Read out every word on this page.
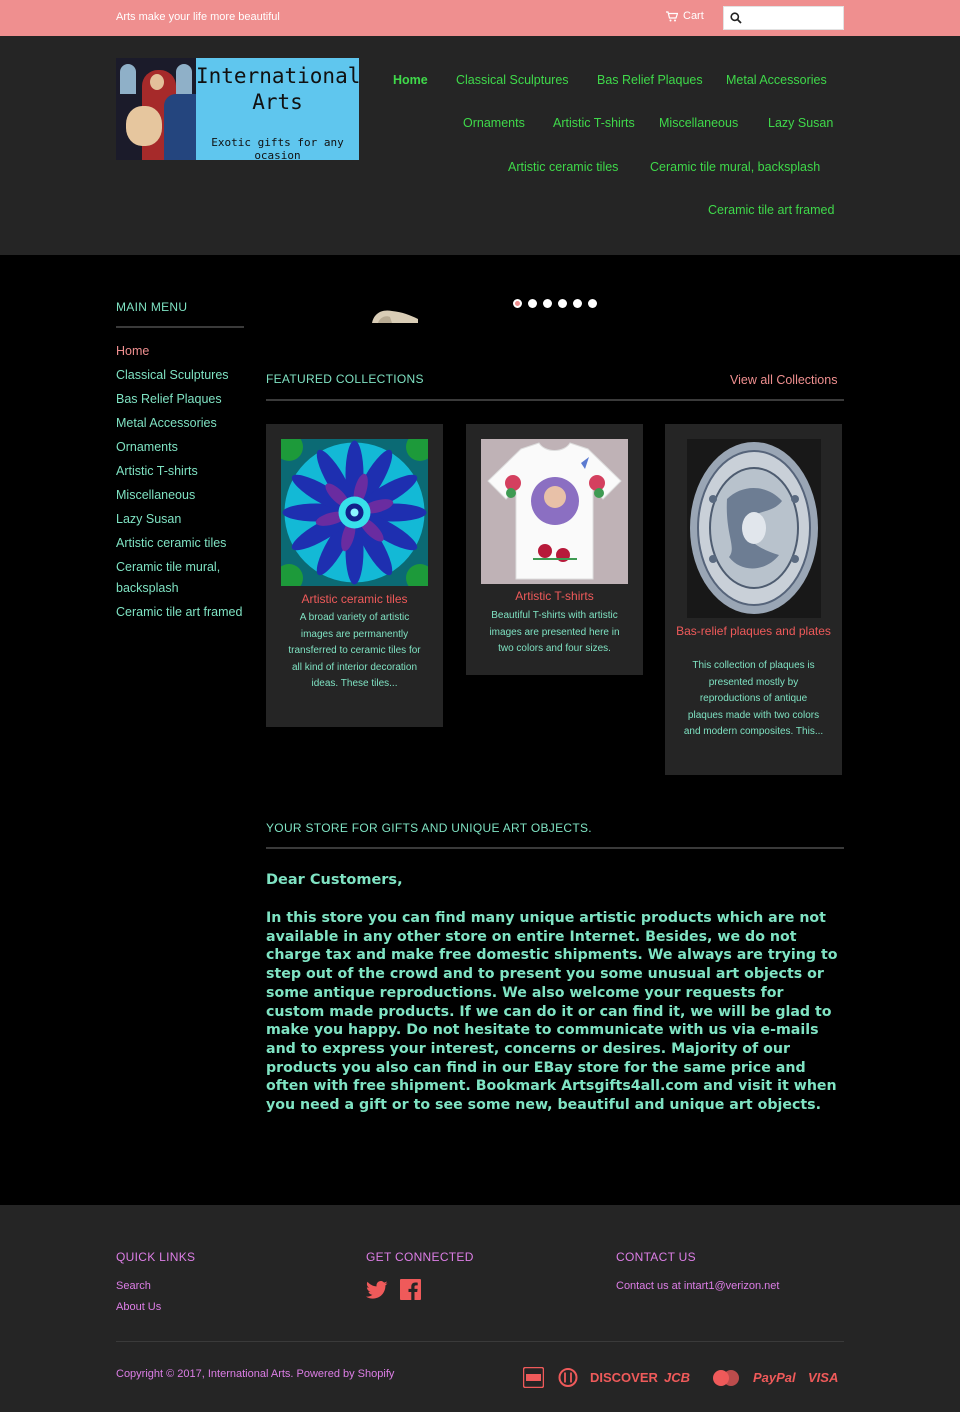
Arts make your life more beautiful	Cart
International
Arts
Exotic gifts for any ocasion
Home Classical Sculptures Bas Relief Plaques Metal Accessories
Ornaments Artistic T-shirts Miscellaneous Lazy Susan
Artistic ceramic tiles	Ceramic tile mural, backsplash
Ceramic tile art framed
MAIN MENU
Home
Classical Sculptures
Bas Relief Plaques
Metal Accessories
Ornaments
Artistic T-shirts
Miscellaneous
Lazy Susan
Artistic ceramic tiles
Ceramic tile mural, backsplash
Ceramic tile art framed
FEATURED COLLECTIONS	View all Collections
Artistic ceramic tiles
A broad variety of artistic images are permanently transferred to ceramic tiles for all kind of interior decoration ideas. These tiles...
Artistic T-shirts
Beautiful T-shirts with artistic images are presented here in two colors and four sizes.
Bas-relief plaques and plates
This collection of plaques is presented mostly by reproductions of antique plaques made with two colors and modern composites. This...
YOUR STORE FOR GIFTS AND UNIQUE ART OBJECTS.
Dear Customers,
In this store you can find many unique artistic products which are not available in any other store on entire Internet. Besides, we do not charge tax and make free domestic shipments. We always are trying to step out of the crowd and to present you some unusual art objects or some antique reproductions. We also welcome your requests for custom made products. If we can do it or can find it, we will be glad to make you happy. Do not hesitate to communicate with us via e-mails and to express your interest, concerns or desires. Majority of our products you also can find in our EBay store for the same price and often with free shipment. Bookmark Artsgifts4all.com and visit it when you need a gift or to see some new, beautiful and unique art objects.
QUICK LINKS
Search
About Us
GET CONNECTED	CONTACT US
Contact us at intart1@verizon.net
Copyright © 2017, International Arts. Powered by Shopify	DISCOVER JCB	PayPal VISA
